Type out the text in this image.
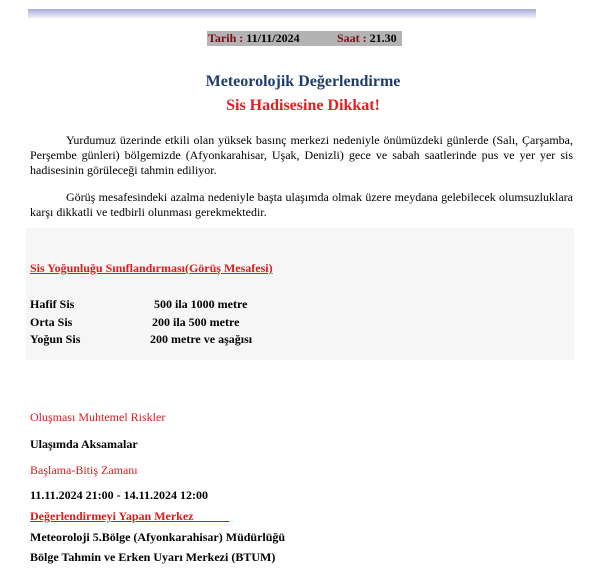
Tarih : 11/11/2024	Saat : 21.30
Meteorolojik Değerlendirme
Sis Hadisesine Dikkat!
Yurdumuz üzerinde etkili olan yüksek basınç merkezi nedeniyle önümüzdeki günlerde (Salı, Çarşamba, Perşembe günleri) bölgemizde (Afyonkarahisar, Uşak, Denizli) gece ve sabah saatlerinde pus ve yer yer sis hadisesinin görüleceği tahmin ediliyor.
Görüş mesafesindeki azalma nedeniyle başta ulaşımda olmak üzere meydana gelebilecek olumsuzluklara karşı dikkatli ve tedbirli olunması gerekmektedir.
Sis Yoğunluğu Sınıflandırması(Görüş Mesafesi)
Hafif Sis	500 ila 1000 metre
Orta Sis	200 ila 500 metre
Yoğun Sis	200 metre ve aşağısı
Oluşması Muhtemel Riskler
Ulaşımda Aksamalar
Başlama-Bitiş Zamanı
11.11.2024 21:00 - 14.11.2024 12:00
Değerlendirmeyi Yapan Merkez
Meteoroloji 5.Bölge (Afyonkarahisar) Müdürlüğü
Bölge Tahmin ve Erken Uyarı Merkezi (BTUM)
